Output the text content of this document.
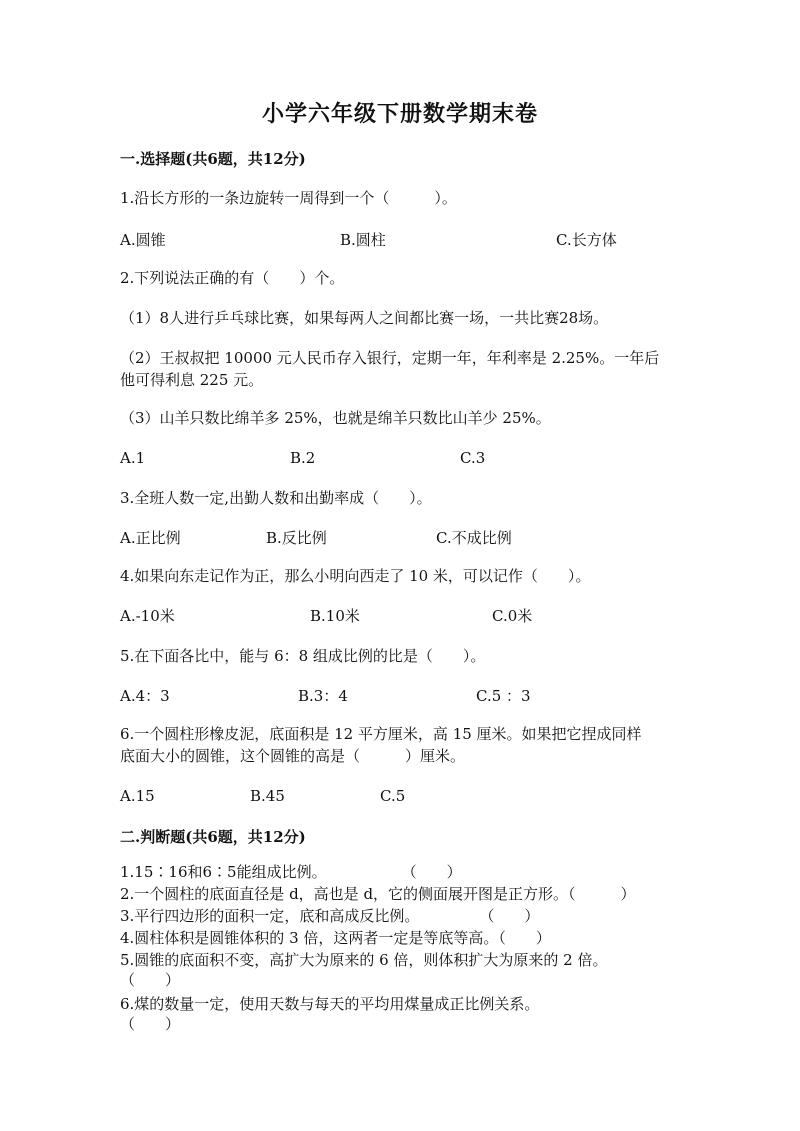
小学六年级下册数学期末卷
一.选择题(共6题，共12分)
1.沿长方形的一条边旋转一周得到一个（　　　）。
A.圆锥	B.圆柱	C.长方体
2.下列说法正确的有（　　）个。
（1）8人进行乒乓球比赛，如果每两人之间都比赛一场，一共比赛28场。
（2）王叔叔把 10000 元人民币存入银行，定期一年，年利率是 2.25%。一年后
他可得利息 225 元。
（3）山羊只数比绵羊多 25%，也就是绵羊只数比山羊少 25%。
A.1	B.2	C.3
3.全班人数一定,出勤人数和出勤率成（　　）。
A.正比例	B.反比例	C.不成比例
4.如果向东走记作为正，那么小明向西走了 10 米，可以记作（　　）。
A.-10米	B.10米	C.0米
5.在下面各比中，能与 6：8 组成比例的比是（　　）。
A.4：3	B.3：4	C.5 ：3
6.一个圆柱形橡皮泥，底面积是 12 平方厘米，高 15 厘米。如果把它捏成同样
底面大小的圆锥，这个圆锥的高是（　　　）厘米。
A.15	B.45	C.5
二.判断题(共6题，共12分)
1.15∶16和6∶5能组成比例。　　　　　　（　　）
2.一个圆柱的底面直径是 d，高也是 d，它的侧面展开图是正方形。（　　　）
3.平行四边形的面积一定，底和高成反比例。　　　　　（　　）
4.圆柱体积是圆锥体积的 3 倍，这两者一定是等底等高。（　　）
5.圆锥的底面积不变，高扩大为原来的 6 倍，则体积扩大为原来的 2 倍。
（　　）
6.煤的数量一定，使用天数与每天的平均用煤量成正比例关系。
（　　）
